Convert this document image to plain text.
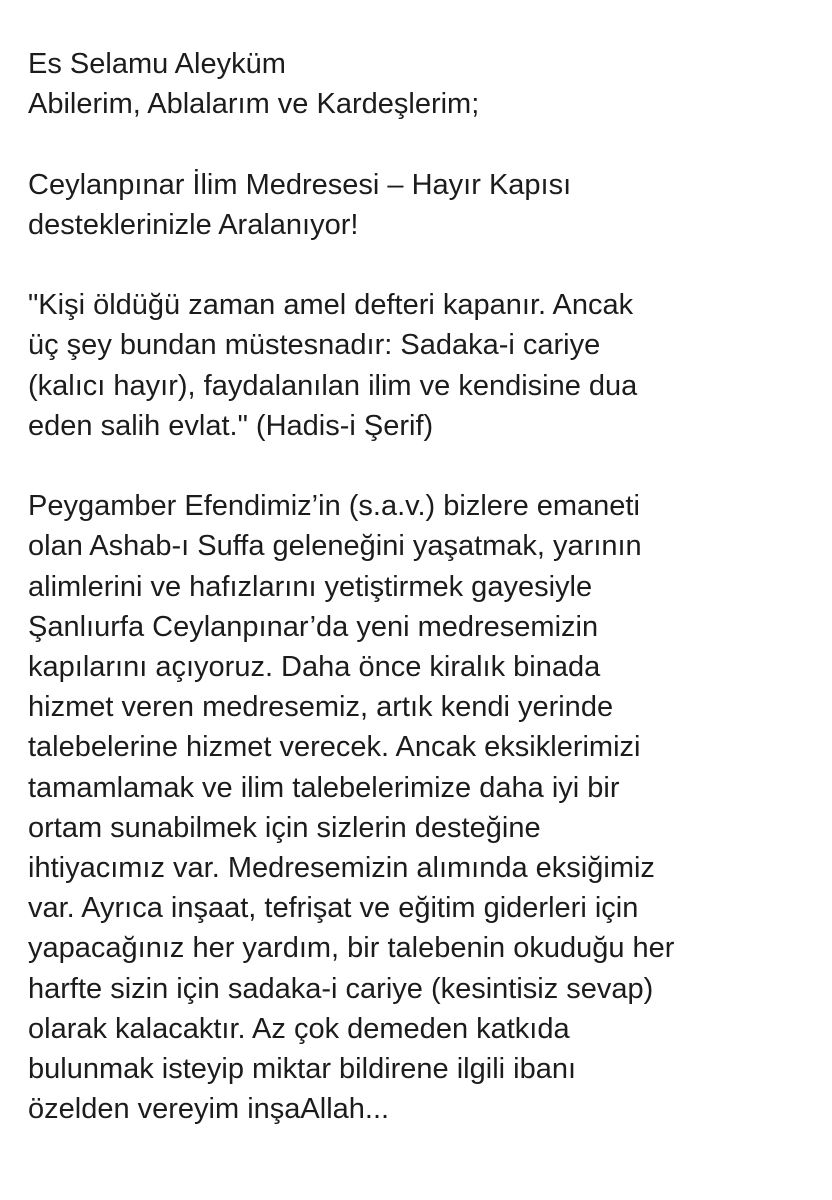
Es Selamu Aleyküm
Abilerim, Ablalarım ve Kardeşlerim;

Ceylanpınar İlim Medresesi – Hayır Kapısı
desteklerinizle Aralanıyor!

"Kişi öldüğü zaman amel defteri kapanır. Ancak
üç şey bundan müstesnadır: Sadaka-i cariye
(kalıcı hayır), faydalanılan ilim ve kendisine dua
eden salih evlat." (Hadis-i Şerif)

Peygamber Efendimiz’in (s.a.v.) bizlere emaneti
olan Ashab-ı Suffa geleneğini yaşatmak, yarının
alimlerini ve hafızlarını yetiştirmek gayesiyle
Şanlıurfa Ceylanpınar’da yeni medresemizin
kapılarını açıyoruz. Daha önce kiralık binada
hizmet veren medresemiz, artık kendi yerinde
talebelerine hizmet verecek. Ancak eksiklerimizi
tamamlamak ve ilim talebelerimize daha iyi bir
ortam sunabilmek için sizlerin desteğine
ihtiyacımız var. Medresemizin alımında eksiğimiz
var. Ayrıca inşaat, tefrişat ve eğitim giderleri için
yapacağınız her yardım, bir talebenin okuduğu her
harfte sizin için sadaka-i cariye (kesintisiz sevap)
olarak kalacaktır. Az çok demeden katkıda
bulunmak isteyip miktar bildirene ilgili ibanı
özelden vereyim inşaAllah...
